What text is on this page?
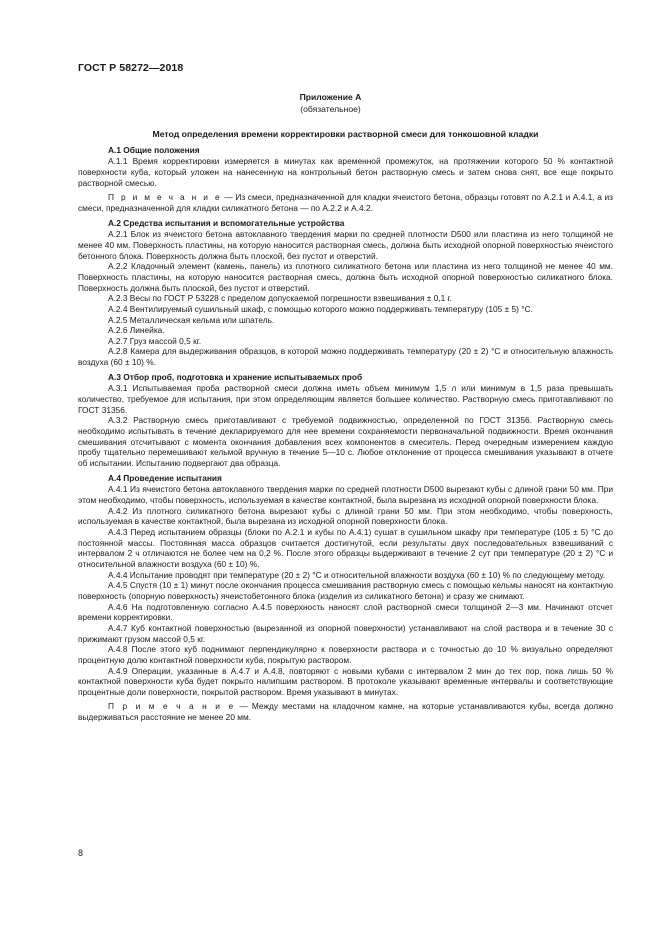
ГОСТ Р 58272—2018
Приложение А
(обязательное)

Метод определения времени корректировки растворной смеси для тонкошовной кладки

А.1 Общие положения

А.1.1 Время корректировки измеряется в минутах как временной промежуток, на протяжении которого 50 % контактной поверхности куба, который уложен на нанесенную на контрольный бетон растворную смесь и затем снова снят, все еще покрыто растворной смесью.

П р и м е ч а н и е — Из смеси, предназначенной для кладки ячеистого бетона, образцы готовят по А.2.1 и А.4.1, а из смеси, предназначенной для кладки силикатного бетона — по А.2.2 и А.4.2.

А.2 Средства испытания и вспомогательные устройства

А.2.1 Блок из ячеистого бетона автоклавного твердения марки по средней плотности D500 или пластина из него толщиной не менее 40 мм. Поверхность пластины, на которую наносится растворная смесь, должна быть исходной опорной поверхностью ячеистого бетонного блока. Поверхность должна быть плоской, без пустот и отверстий.

А.2.2 Кладочный элемент (камень, панель) из плотного силикатного бетона или пластина из него толщиной не менее 40 мм. Поверхность пластины, на которую наносится растворная смесь, должна быть исходной опорной поверхностью силикатного блока. Поверхность должна быть плоской, без пустот и отверстий.

А.2.3 Весы по ГОСТ Р 53228 с пределом допускаемой погрешности взвешивания ± 0,1 г.

А.2.4 Вентилируемый сушильный шкаф, с помощью которого можно поддерживать температуру (105 ± 5) °С.

А.2.5 Металлическая кельма или шпатель.

А.2.6 Линейка.

А.2.7 Груз массой 0,5 кг.

А.2.8 Камера для выдерживания образцов, в которой можно поддерживать температуру (20 ± 2) °С и относительную влажность воздуха (60 ± 10) %.

А.3 Отбор проб, подготовка и хранение испытываемых проб

А.3.1 Испытываемая проба растворной смеси должна иметь объем минимум 1,5 л или минимум в 1,5 раза превышать количество, требуемое для испытания, при этом определяющим является большее количество. Растворную смесь приготавливают по ГОСТ 31356.

А.3.2 Растворную смесь приготавливают с требуемой подвижностью, определенной по ГОСТ 31356. Растворную смесь необходимо испытывать в течение декларируемого для нее времени сохраняемости первоначальной подвижности. Время окончания смешивания отсчитывают с момента окончания добавления всех компонентов в смеситель. Перед очередным измерением каждую пробу тщательно перемешивают кельмой вручную в течение 5—10 с. Любое отклонение от процесса смешивания указывают в отчете об испытании. Испытанию подвергают два образца.

А.4 Проведение испытания

А.4.1 Из ячеистого бетона автоклавного твердения марки по средней плотности D500 вырезают кубы с длиной грани 50 мм. При этом необходимо, чтобы поверхность, используемая в качестве контактной, была вырезана из исходной опорной поверхности блока.

А.4.2 Из плотного силикатного бетона вырезают кубы с длиной грани 50 мм. При этом необходимо, чтобы поверхность, используемая в качестве контактной, была вырезана из исходной опорной поверхности блока.

А.4.3 Перед испытанием образцы (блоки по А.2.1 и кубы по А.4.1) сушат в сушильном шкафу при температуре (105 ± 5) °С до постоянной массы. Постоянная масса образцов считается достигнутой, если результаты двух последовательных взвешиваний с интервалом 2 ч отличаются не более чем на 0,2 %. После этого образцы выдерживают в течение 2 сут при температуре (20 ± 2) °С и относительной влажности воздуха (60 ± 10) %.

А.4.4 Испытание проводят при температуре (20 ± 2) °С и относительной влажности воздуха (60 ± 10) % по следующему методу.

А.4.5 Спустя (10 ± 1) минут после окончания процесса смешивания растворную смесь с помощью кельмы наносят на контактную поверхность (опорную поверхность) ячеистобетонного блока (изделия из силикатного бетона) и сразу же снимают.

А.4.6 На подготовленную согласно А.4.5 поверхность наносят слой растворной смеси толщиной 2—3 мм. Начинают отсчет времени корректировки.

А.4.7 Куб контактной поверхностью (вырезанной из опорной поверхности) устанавливают на слой раствора и в течение 30 с прижимают грузом массой 0,5 кг.

А.4.8 После этого куб поднимают перпендикулярно к поверхности раствора и с точностью до 10 % визуально определяют процентную долю контактной поверхности куба, покрытую раствором.

А.4.9 Операции, указанные в А.4.7 и А.4.8, повторяют с новыми кубами с интервалом 2 мин до тех пор, пока лишь 50 % контактной поверхности куба будет покрыто налипшим раствором. В протоколе указывают временные интервалы и соответствующие процентные доли поверхности, покрытой раствором. Время указывают в минутах.

П р и м е ч а н и е — Между местами на кладочном камне, на которые устанавливаются кубы, всегда должно выдерживаться расстояние не менее 20 мм.

8
